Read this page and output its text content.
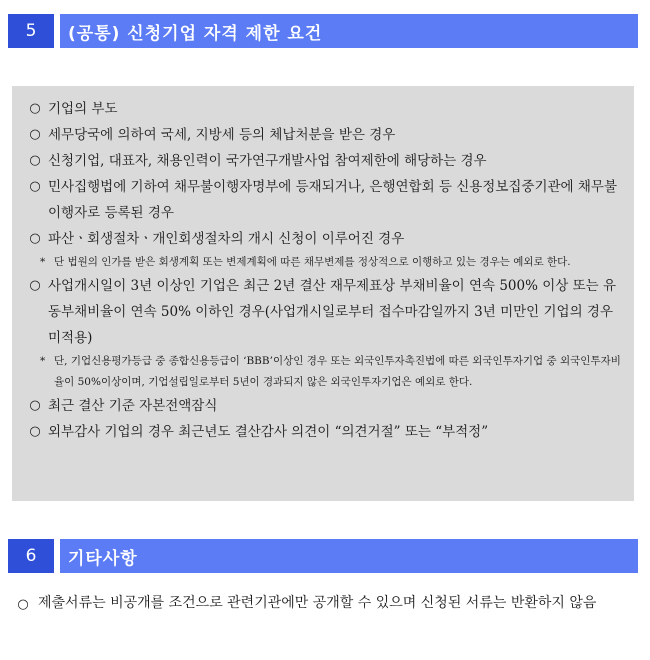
5	(공통) 신청기업 자격 제한 요건
○ 기업의 부도
○ 세무당국에 의하여 국세, 지방세 등의 체납처분을 받은 경우
○ 신청기업, 대표자, 채용인력이 국가연구개발사업 참여제한에 해당하는 경우
○ 민사집행법에 기하여 채무불이행자명부에 등재되거나, 은행연합회 등 신용정보집중기관에 채무불이행자로 등록된 경우
○ 파산ㆍ회생절차ㆍ개인회생절차의 개시 신청이 이루어진 경우
* 단 법원의 인가를 받은 회생계획 또는 변제계획에 따른 채무변제를 정상적으로 이행하고 있는 경우는 예외로 한다.
○ 사업개시일이 3년 이상인 기업은 최근 2년 결산 재무제표상 부채비율이 연속 500% 이상 또는 유동부채비율이 연속 50% 이하인 경우(사업개시일로부터 접수마감일까지 3년 미만인 기업의 경우 미적용)
* 단, 기업신용평가등급 중 종합신용등급이 ‘BBB’이상인 경우 또는 외국인투자촉진법에 따른 외국인투자기업 중 외국인투자비율이 50%이상이며, 기업설립일로부터 5년이 경과되지 않은 외국인투자기업은 예외로 한다.
○ 최근 결산 기준 자본전액잠식
○ 외부감사 기업의 경우 최근년도 결산감사 의견이 “의견거절” 또는 “부적정”
6	기타사항
○ 제출서류는 비공개를 조건으로 관련기관에만 공개할 수 있으며 신청된 서류는 반환하지 않음
